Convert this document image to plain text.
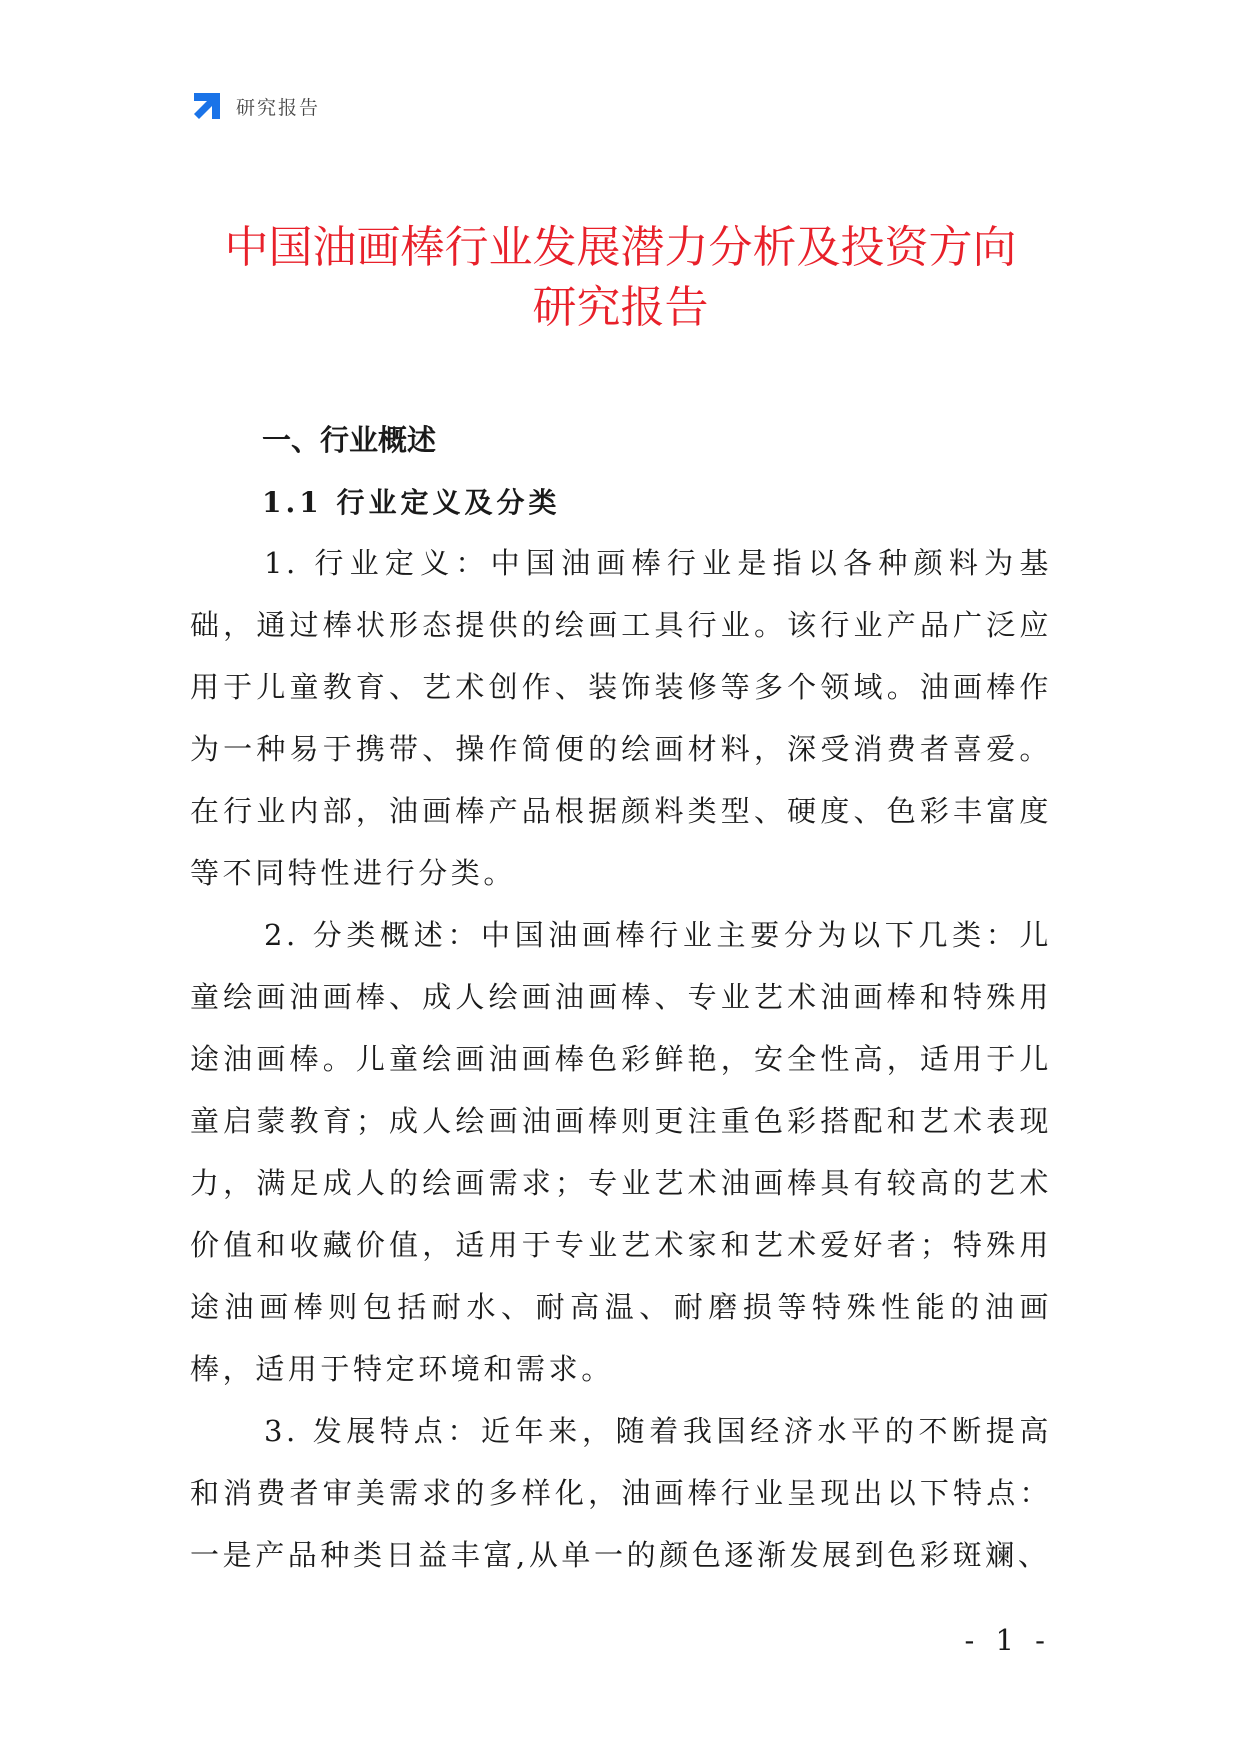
研究报告
中国油画棒行业发展潜力分析及投资方向
研究报告
一、行业概述
1.1 行业定义及分类

1. 行业定义：中国油画棒行业是指以各种颜料为基础，通过棒状形态提供的绘画工具行业。该行业产品广泛应用于儿童教育、艺术创作、装饰装修等多个领域。油画棒作为一种易于携带、操作简便的绘画材料，深受消费者喜爱。在行业内部，油画棒产品根据颜料类型、硬度、色彩丰富度等不同特性进行分类。

2. 分类概述：中国油画棒行业主要分为以下几类：儿童绘画油画棒、成人绘画油画棒、专业艺术油画棒和特殊用途油画棒。儿童绘画油画棒色彩鲜艳，安全性高，适用于儿童启蒙教育；成人绘画油画棒则更注重色彩搭配和艺术表现力，满足成人的绘画需求；专业艺术油画棒具有较高的艺术价值和收藏价值，适用于专业艺术家和艺术爱好者；特殊用途油画棒则包括耐水、耐高温、耐磨损等特殊性能的油画棒，适用于特定环境和需求。

3. 发展特点：近年来，随着我国经济水平的不断提高和消费者审美需求的多样化，油画棒行业呈现出以下特点：一是产品种类日益丰富,从单一的颜色逐渐发展到色彩斑斓、

- 1 -
